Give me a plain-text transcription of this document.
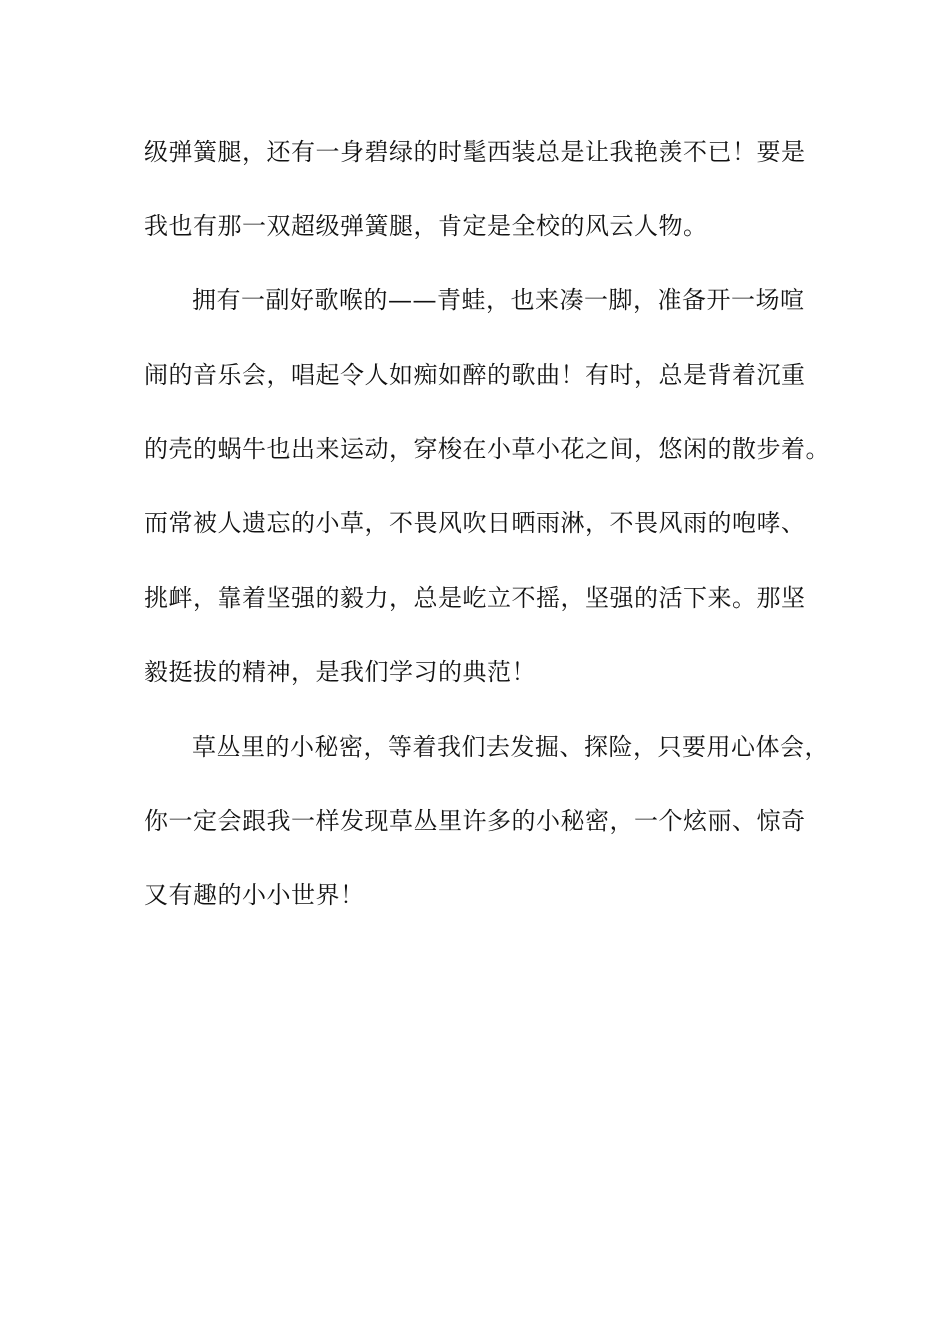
级弹簧腿，还有一身碧绿的时髦西装总是让我艳羡不已！要是
我也有那一双超级弹簧腿，肯定是全校的风云人物。
拥有一副好歌喉的——青蛙，也来凑一脚，准备开一场喧
闹的音乐会，唱起令人如痴如醉的歌曲！有时，总是背着沉重
的壳的蜗牛也出来运动，穿梭在小草小花之间，悠闲的散步着。
而常被人遗忘的小草，不畏风吹日晒雨淋，不畏风雨的咆哮、
挑衅，靠着坚强的毅力，总是屹立不摇，坚强的活下来。那坚
毅挺拔的精神，是我们学习的典范！
草丛里的小秘密，等着我们去发掘、探险，只要用心体会，
你一定会跟我一样发现草丛里许多的小秘密，一个炫丽、惊奇
又有趣的小小世界！
